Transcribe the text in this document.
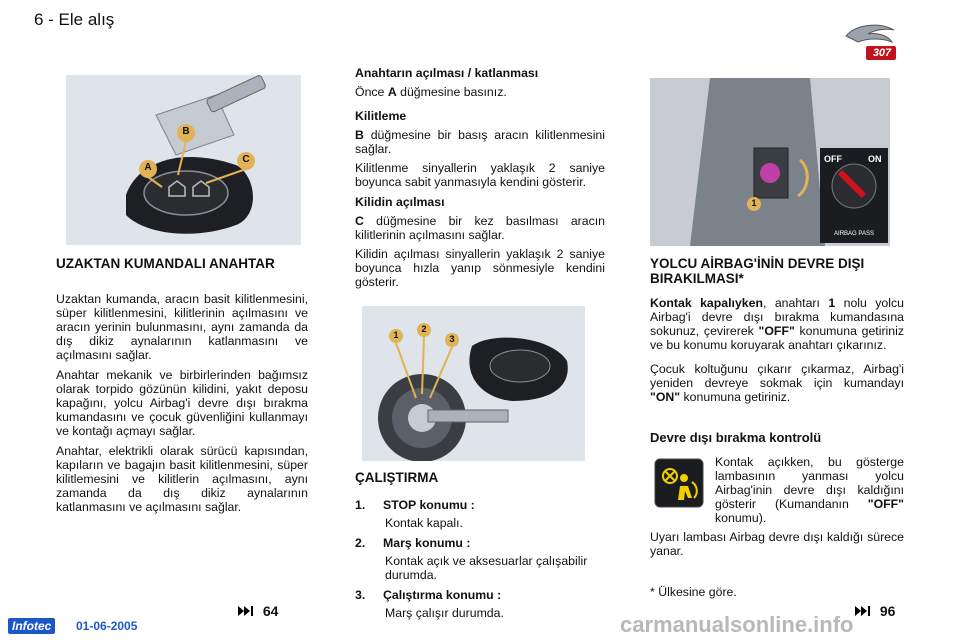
6 - Ele alış
307
A
B
C
UZAKTAN KUMANDALI ANAHTAR

Uzaktan kumanda, aracın basit kilitlenmesini, süper kilitlenmesini, kilitlerinin açılmasını ve aracın yerinin bulunmasını, aynı zamanda da dış dikiz aynalarının katlanmasını ve açılmasını sağlar.

Anahtar mekanik ve birbirlerinden bağımsız olarak torpido gözünün kilidini, yakıt deposu kapağını, yolcu Airbag'i devre dışı bırakma kumandasını ve çocuk güvenliğini kullanmayı ve kontağı açmayı sağlar.

Anahtar, elektrikli olarak sürücü kapısından, kapıların ve bagajın basit kilitlenmesini, süper kilitlemesini ve kilitlerin açılmasını, aynı zamanda da dış dikiz aynalarının katlanmasını ve açılmasını sağlar.

64
Anahtarın açılması / katlanması
Önce A düğmesine basınız.
Kilitleme
B düğmesine bir basış aracın kilitlenmesini sağlar.
Kilitlenme sinyallerin yaklaşık 2 saniye boyunca sabit yanmasıyla kendini gösterir.
Kilidin açılması
C düğmesine bir kez basılması aracın kilitlerinin açılmasını sağlar.
Kilidin açılması sinyallerin yaklaşık 2 saniye boyunca hızla yanıp sönmesiyle kendini gösterir.
1
2
3
ÇALIŞTIRMA
1. STOP konumu :
Kontak kapalı.
2. Marş konumu :
Kontak açık ve aksesuarlar çalışabilir durumda.
3. Çalıştırma konumu :
Marş çalışır durumda.
OFF	ON
AIRBAG PASS
1
YOLCU AİRBAG'İNİN DEVRE DIŞI BIRAKILMASI*
Kontak kapalıyken, anahtarı 1 nolu yolcu Airbag'i devre dışı bırakma kumandasına sokunuz, çevirerek "OFF" konumuna getiriniz ve bu konumu koruyarak anahtarı çıkarınız.
Çocuk koltuğunu çıkarır çıkarmaz, Airbag'i yeniden devreye sokmak için kumandayı "ON" konumuna getiriniz.
Devre dışı bırakma kontrolü
Kontak açıkken, bu gösterge lambasının yanması yolcu Airbag'inin devre dışı kaldığını gösterir (Kumandanın "OFF" konumu).
Uyarı lambası Airbag devre dışı kaldığı sürece yanar.
* Ülkesine göre.
96
Infotec	01-06-2005	carmanualsonline.info
